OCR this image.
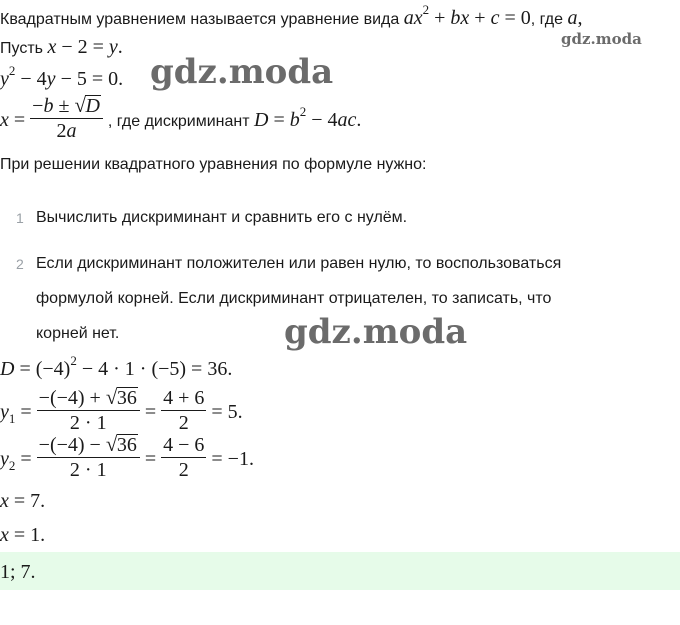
gdz.moda
Квадратным уравнением называется уравнение вида $ax^2$ + bx + c = 0, где a,
Пусть x − 2 = y.
$y^2 - 4y - 5 = 0$. gdz.moda
$x = \frac{-b \pm √ D}{2a}$ , где дискриминант $D = b^2 - 4ac$.
При решении квадратного уравнения по формуле нужно:
1 Вычислить дискриминант и сравнить его с нулём.
2 Если дискриминант положителен или равен нулю, то воспользоваться
формулой корней. Если дискриминант отрицателен, то записать, что
корней нет.	gdz.moda
$D = (-4)^2 - 4 \cdot 1 \cdot (-5) = 36$.
$y_1 = \frac{-(-4) + √ 36}{2 \cdot 1} = \frac{4 + 6}{2} = 5$.
$y_2 = \frac{-(-4) - √ 36}{2 \cdot 1} = \frac{4 - 6}{2} = -1$.
x = 7.
x = 1.
1; 7.
